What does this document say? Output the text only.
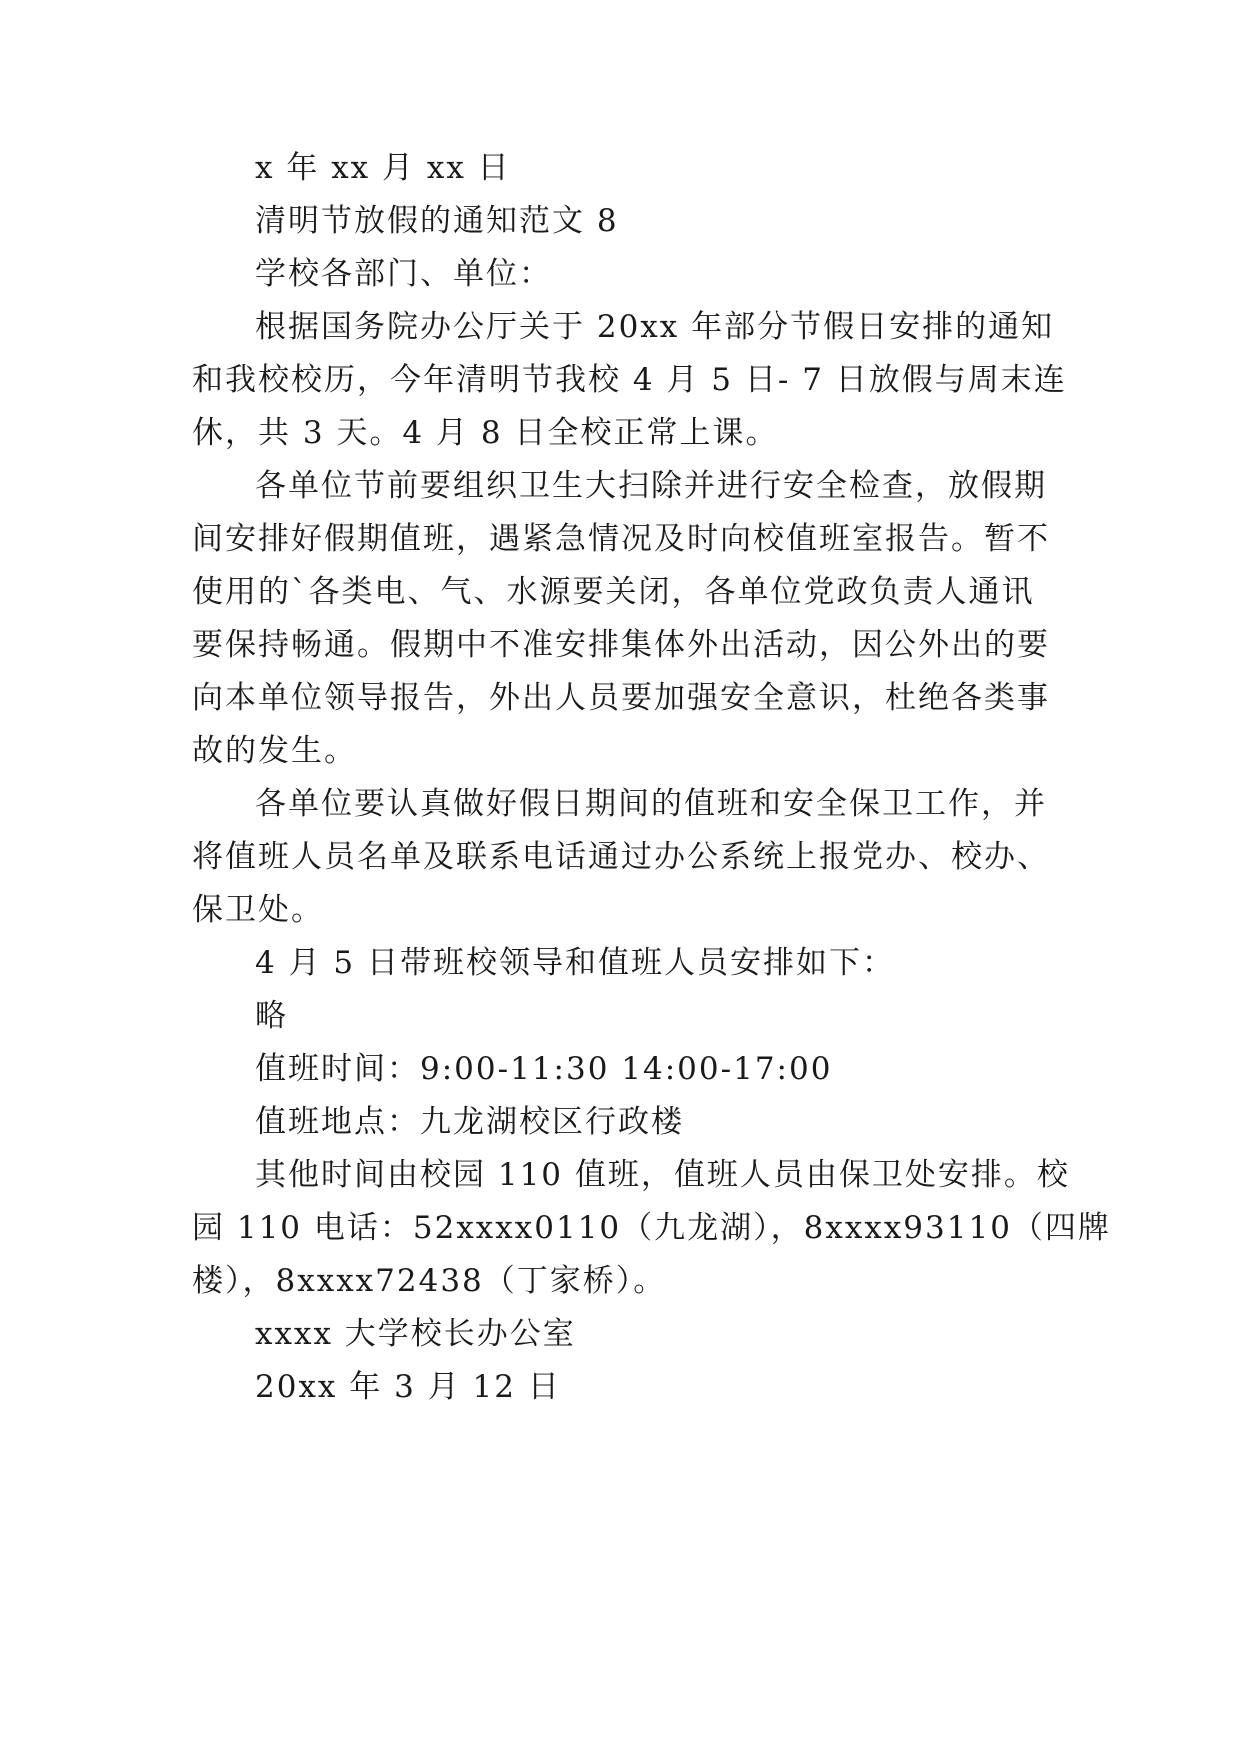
x 年 xx 月 xx 日
清明节放假的通知范文 8
学校各部门、单位：
根据国务院办公厅关于 20xx 年部分节假日安排的通知
和我校校历，今年清明节我校 4 月 5 日- 7 日放假与周末连
休，共 3 天。4 月 8 日全校正常上课。
各单位节前要组织卫生大扫除并进行安全检查，放假期
间安排好假期值班，遇紧急情况及时向校值班室报告。暂不
使用的`各类电、气、水源要关闭，各单位党政负责人通讯
要保持畅通。假期中不准安排集体外出活动，因公外出的要
向本单位领导报告，外出人员要加强安全意识，杜绝各类事
故的发生。
各单位要认真做好假日期间的值班和安全保卫工作，并
将值班人员名单及联系电话通过办公系统上报党办、校办、
保卫处。
4 月 5 日带班校领导和值班人员安排如下：
略
值班时间：9:00-11:30 14:00-17:00
值班地点：九龙湖校区行政楼
其他时间由校园 110 值班，值班人员由保卫处安排。校
园 110 电话：52xxxx0110（九龙湖），8xxxx93110（四牌
楼），8xxxx72438（丁家桥）。
xxxx 大学校长办公室
20xx 年 3 月 12 日
